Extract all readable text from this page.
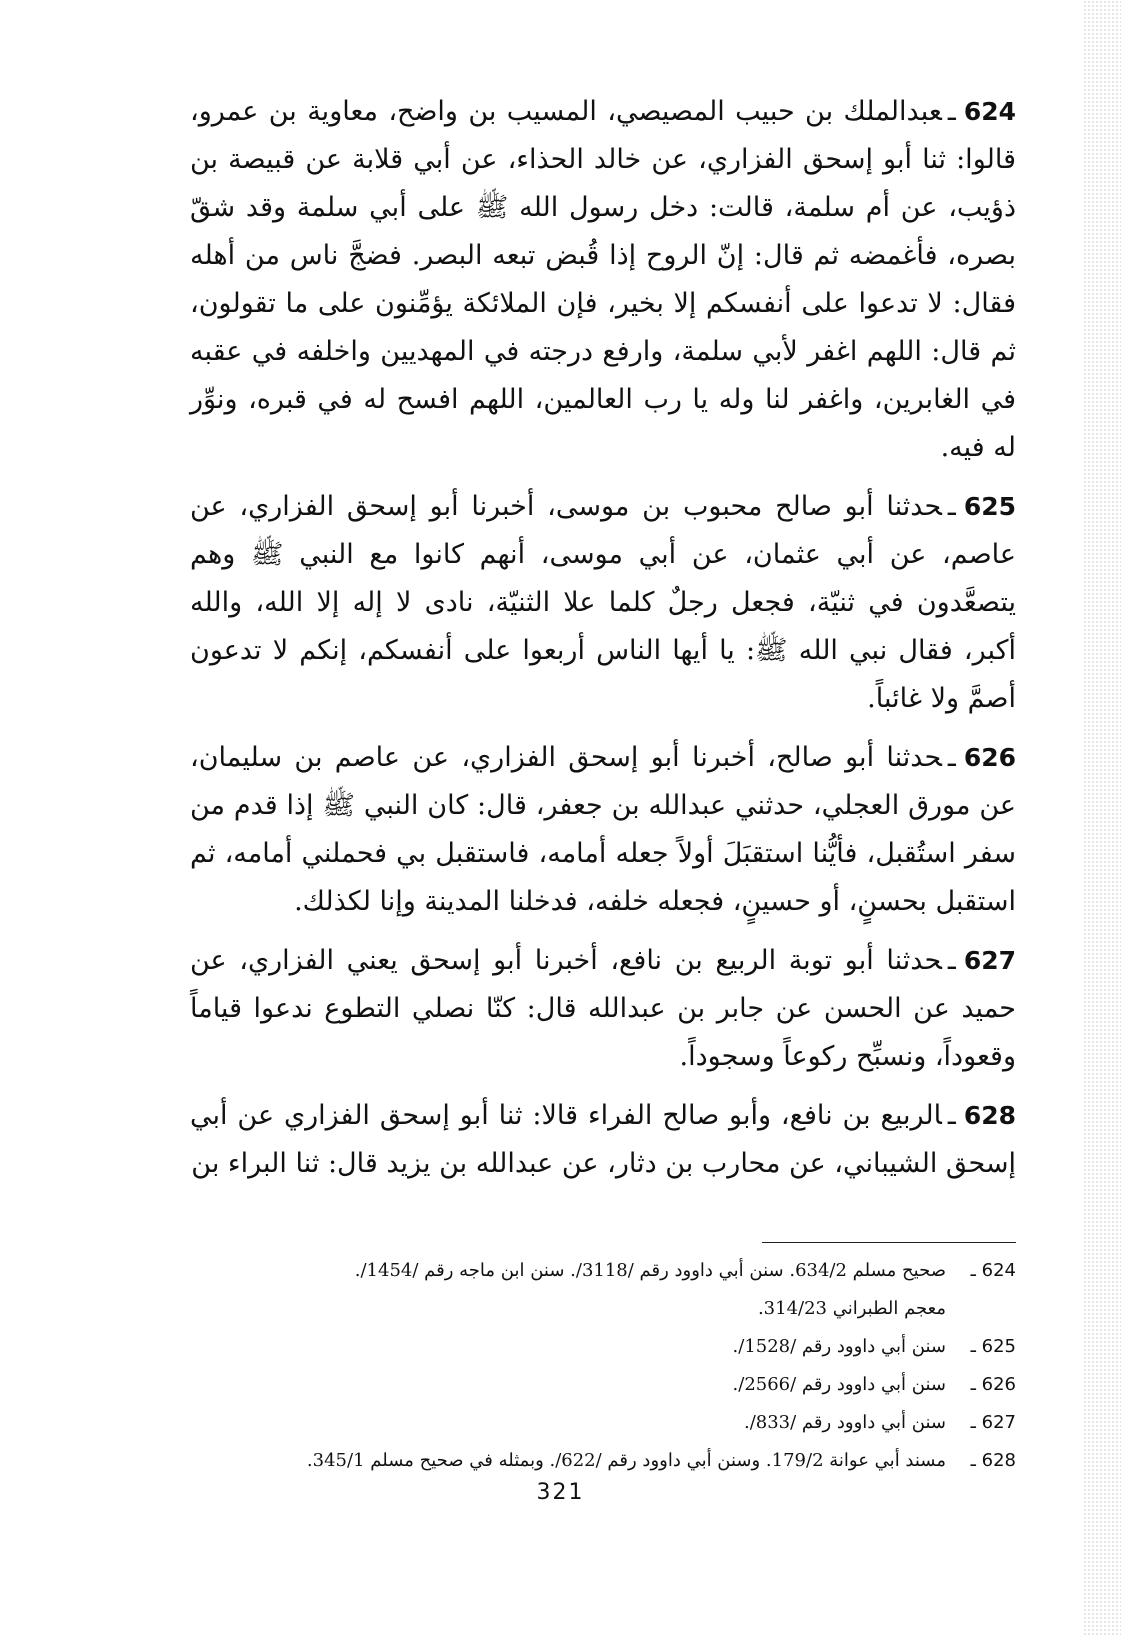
624ـعبدالملك بن حبيب المصيصي، المسيب بن واضح، معاوية بن عمرو، قالوا: ثنا أبو إسحق الفزاري، عن خالد الحذاء، عن أبي قلابة عن قبيصة بن ذؤيب، عن أم سلمة، قالت: دخل رسول الله ﷺ على أبي سلمة وقد شقّ بصره، فأغمضه ثم قال: إنّ الروح إذا قُبض تبعه البصر. فضجَّ ناس من أهله فقال: لا تدعوا على أنفسكم إلا بخير، فإن الملائكة يؤمِّنون على ما تقولون، ثم قال: اللهم اغفر لأبي سلمة، وارفع درجته في المهديين واخلفه في عقبه في الغابرين، واغفر لنا وله يا رب العالمين، اللهم افسح له في قبره، ونوِّر له فيه.

625ـحدثنا أبو صالح محبوب بن موسى، أخبرنا أبو إسحق الفزاري، عن عاصم، عن أبي عثمان، عن أبي موسى، أنهم كانوا مع النبي ﷺ وهم يتصعَّدون في ثنيّة، فجعل رجلٌ كلما علا الثنيّة، نادى لا إله إلا الله، والله أكبر، فقال نبي الله ﷺ: يا أيها الناس أربعوا على أنفسكم، إنكم لا تدعون أصمَّ ولا غائباً.

626ـحدثنا أبو صالح، أخبرنا أبو إسحق الفزاري، عن عاصم بن سليمان، عن مورق العجلي، حدثني عبدالله بن جعفر، قال: كان النبي ﷺ إذا قدم من سفر استُقبل، فأيُّنا استقبَلَ أولاً جعله أمامه، فاستقبل بي فحملني أمامه، ثم استقبل بحسنٍ، أو حسينٍ، فجعله خلفه، فدخلنا المدينة وإنا لكذلك.

627ـحدثنا أبو توبة الربيع بن نافع، أخبرنا أبو إسحق يعني الفزاري، عن حميد عن الحسن عن جابر بن عبدالله قال: كنّا نصلي التطوع ندعوا قياماً وقعوداً، ونسبِّح ركوعاً وسجوداً.

628ـالربيع بن نافع، وأبو صالح الفراء قالا: ثنا أبو إسحق الفزاري عن أبي إسحق الشيباني، عن محارب بن دثار، عن عبدالله بن يزيد قال: ثنا البراء بن

624 ـ
صحيح مسلم 634/2. سنن أبي داوود رقم /3118/. سنن ابن ماجه رقم /1454/.
معجم الطبراني 314/23.
625 ـ
سنن أبي داوود رقم /1528/.
626 ـ
سنن أبي داوود رقم /2566/.
627 ـ
سنن أبي داوود رقم /833/.
628 ـ
مسند أبي عوانة 179/2. وسنن أبي داوود رقم /622/. وبمثله في صحيح مسلم 345/1.
321
